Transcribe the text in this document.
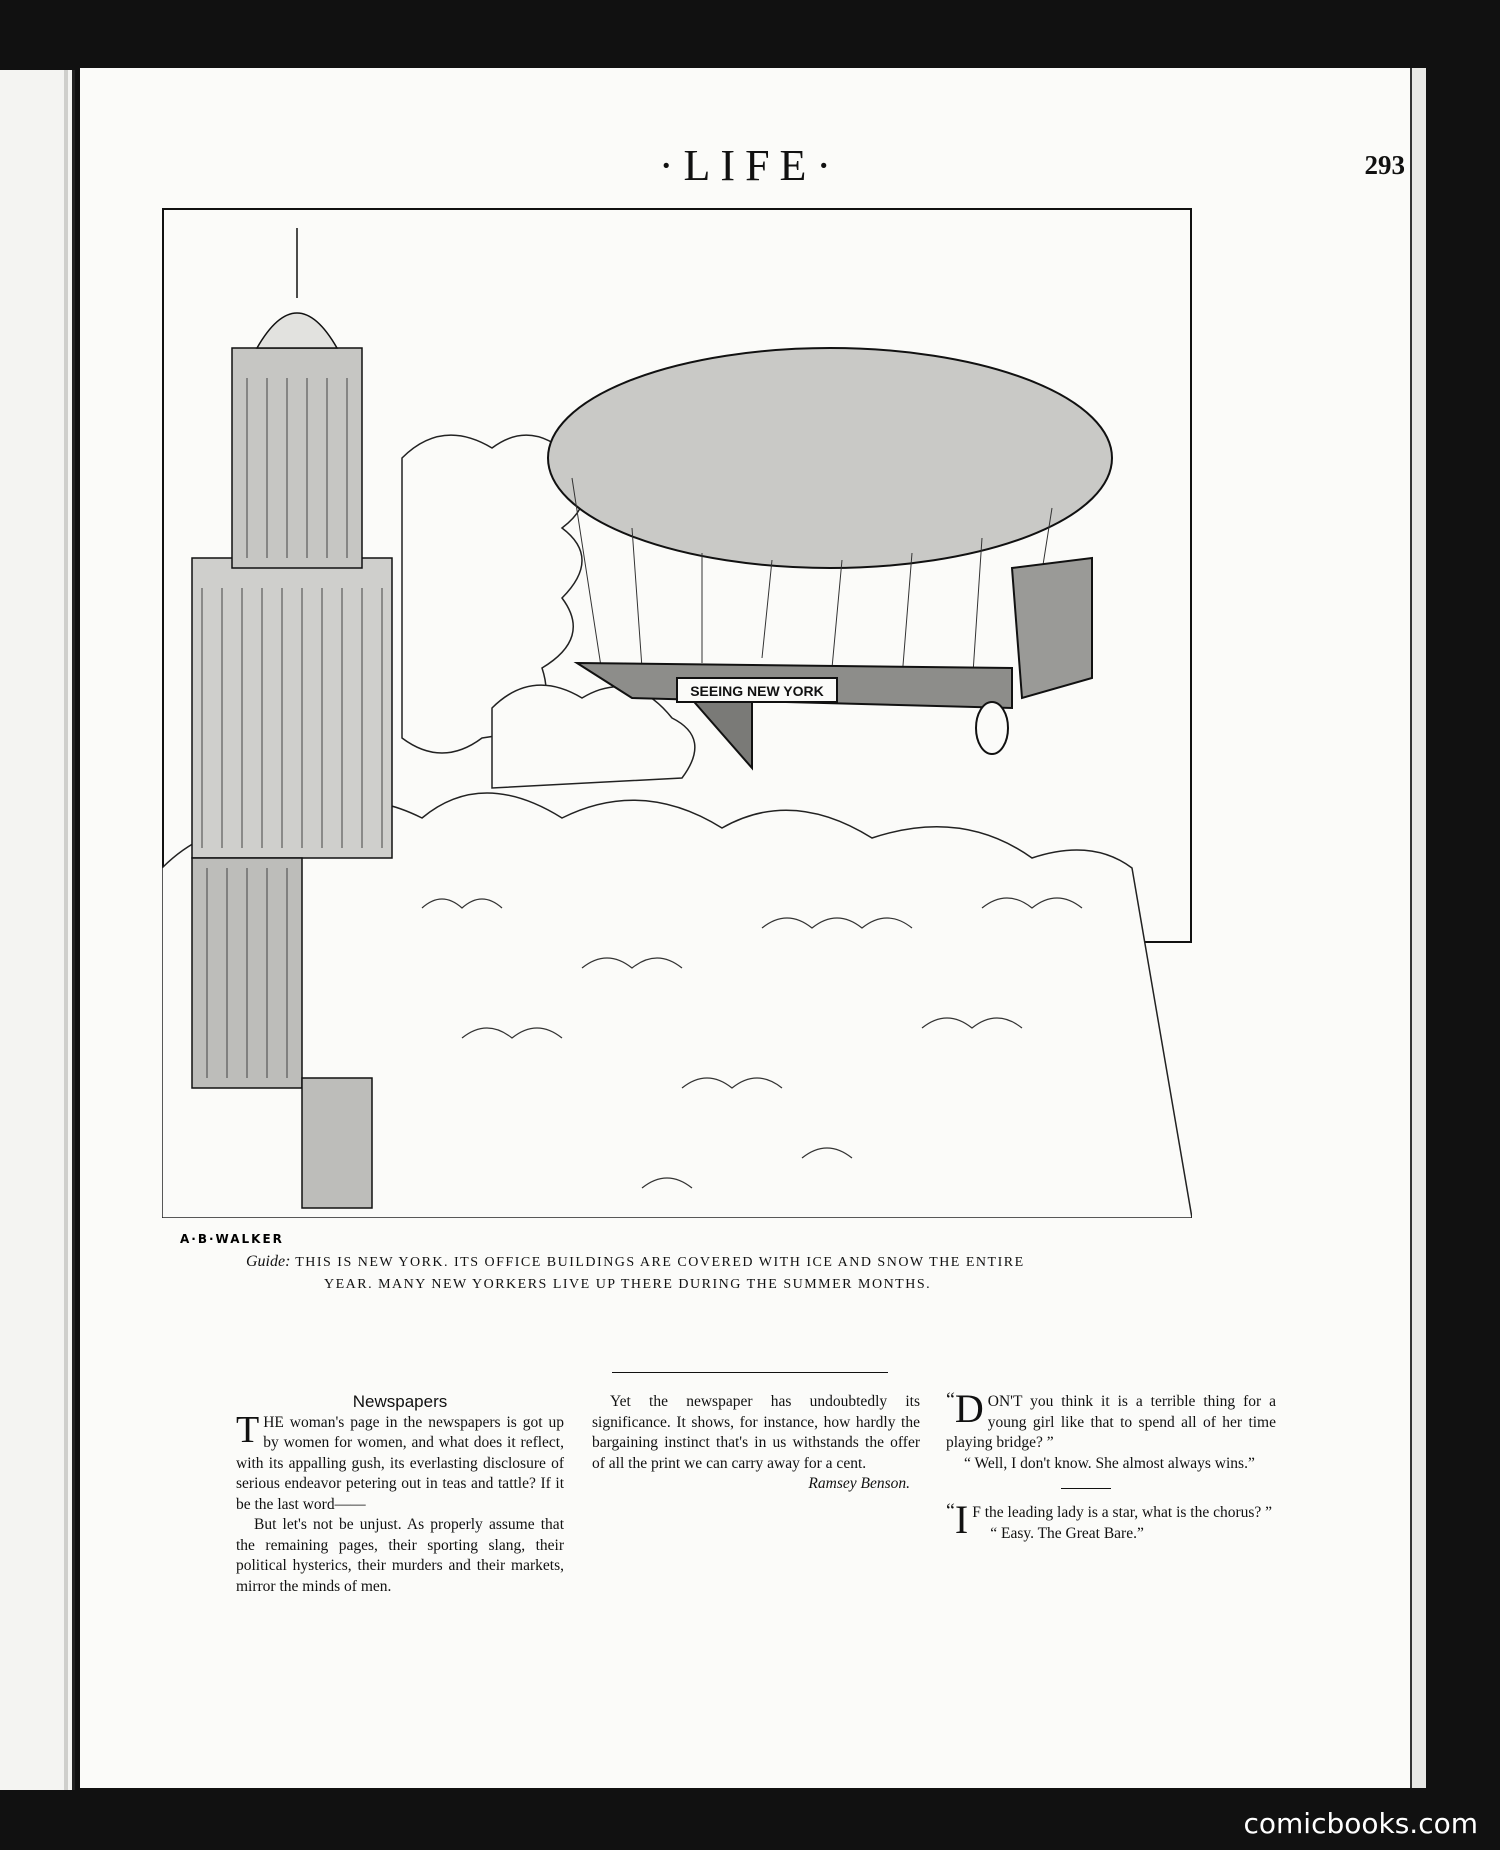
·LIFE·	293
SEEING NEW YORK
A·B·WALKER
Guide: THIS IS NEW YORK. ITS OFFICE BUILDINGS ARE COVERED WITH ICE AND SNOW THE ENTIRE
YEAR. MANY NEW YORKERS LIVE UP THERE DURING THE SUMMER MONTHS.

Newspapers

THE woman's page in the newspapers is got up by women for women, and what does it reflect, with its appalling gush, its everlasting disclosure of serious endeavor petering out in teas and tattle? If it be the last word——

But let's not be unjust. As properly assume that the remaining pages, their sporting slang, their political hysterics, their murders and their markets, mirror the minds of men.

Yet the newspaper has undoubtedly its significance. It shows, for instance, how hardly the bargaining instinct that's in us withstands the offer of all the print we can carry away for a cent.

Ramsey Benson.

“ D ON'T you think it is a terrible thing for a young girl like that to spend all of her time playing bridge? ”

“ Well, I don't know. She almost always wins.”

“ I F the leading lady is a star, what is the chorus? ”

“ Easy. The Great Bare.”

comicbooks.com
